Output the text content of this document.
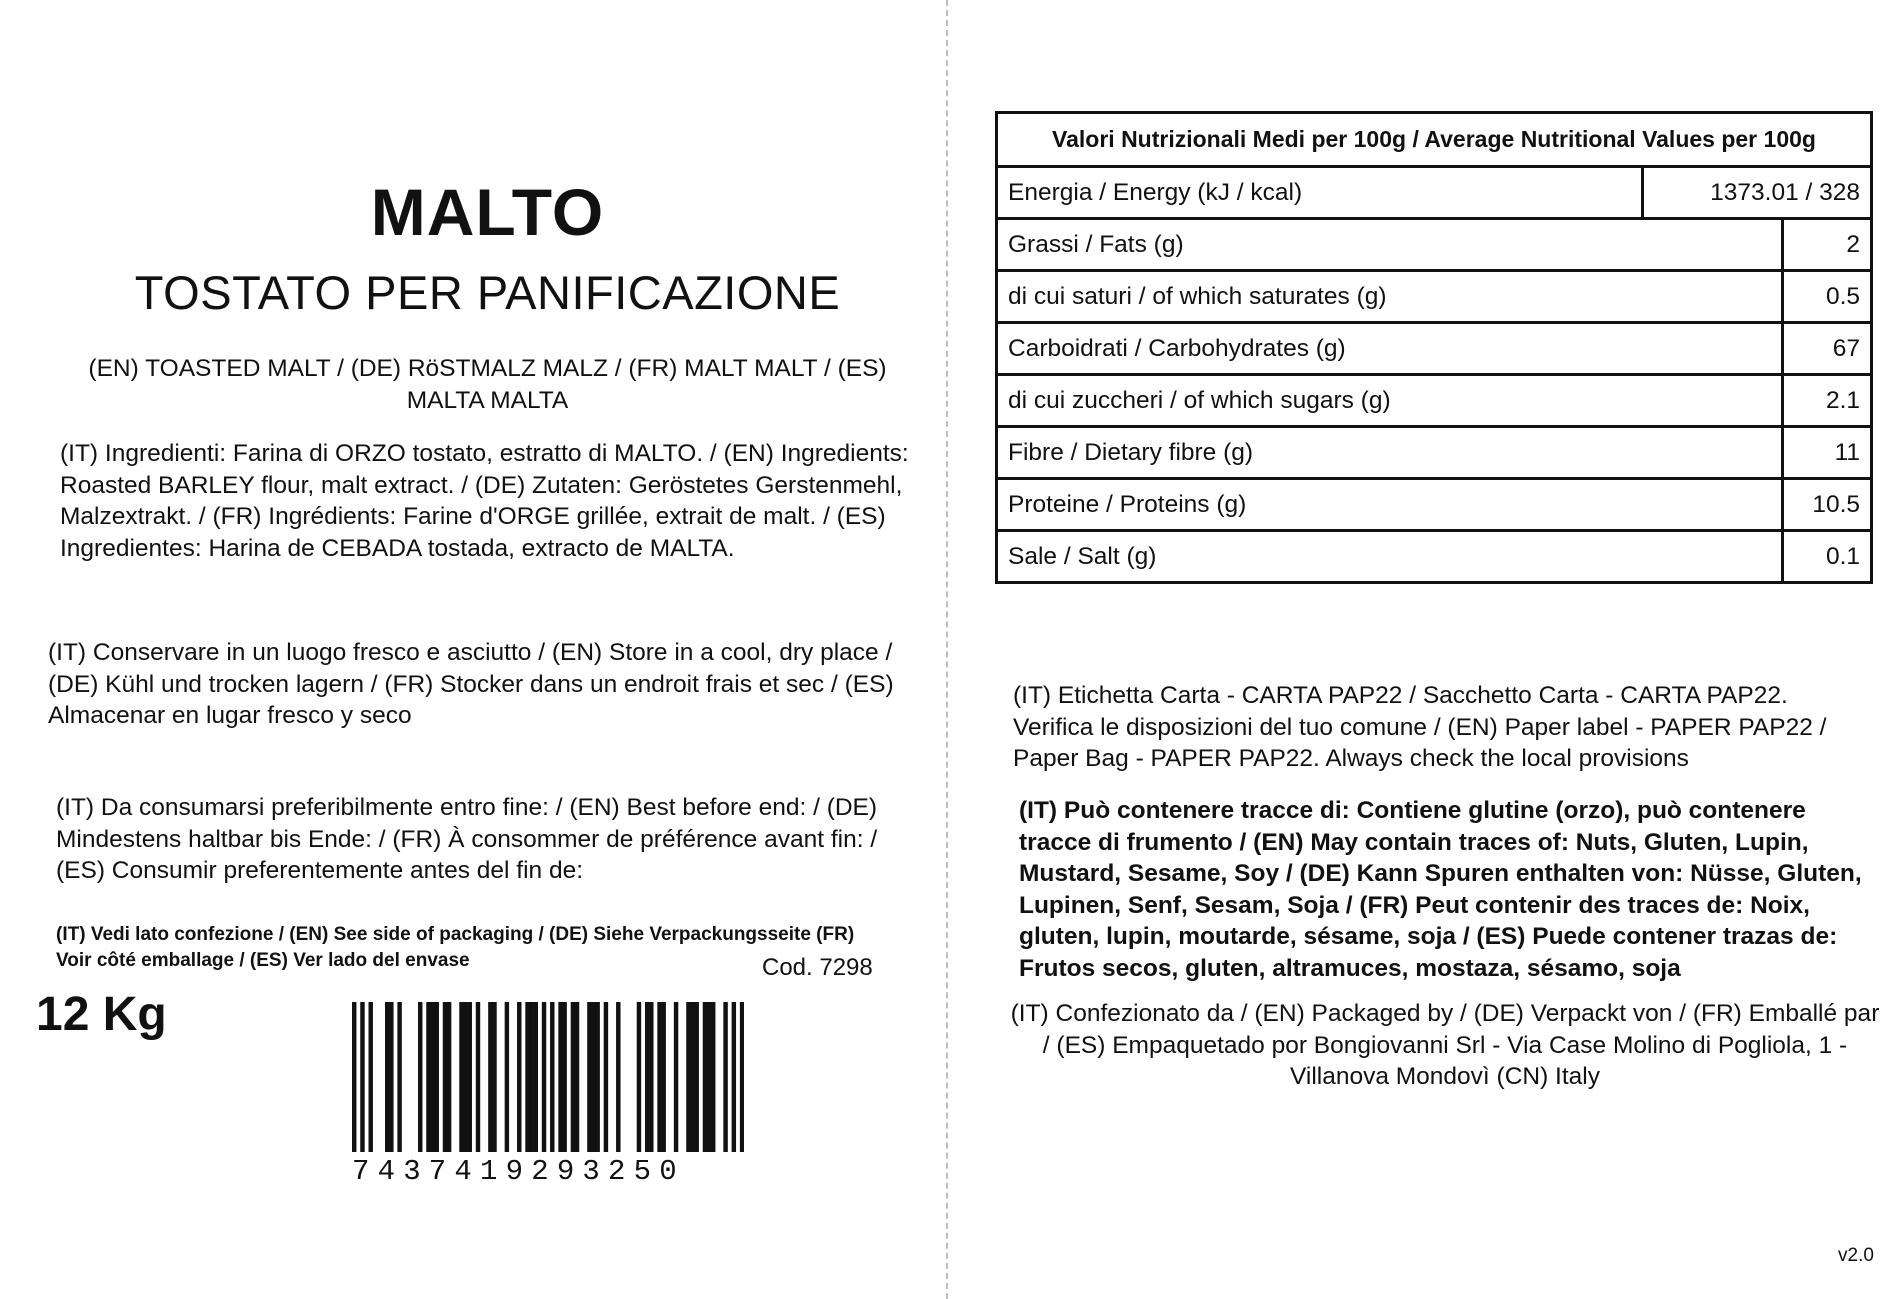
MALTO
TOSTATO PER PANIFICAZIONE
(EN) TOASTED MALT / (DE) RöSTMALZ MALZ / (FR) MALT MALT / (ES) MALTA MALTA
(IT) Ingredienti: Farina di ORZO tostato, estratto di MALTO. / (EN) Ingredients: Roasted BARLEY flour, malt extract. / (DE) Zutaten: Geröstetes Gerstenmehl, Malzextrakt. / (FR) Ingrédients: Farine d'ORGE grillée, extrait de malt. / (ES) Ingredientes: Harina de CEBADA tostada, extracto de MALTA.
(IT) Conservare in un luogo fresco e asciutto / (EN) Store in a cool, dry place / (DE) Kühl und trocken lagern / (FR) Stocker dans un endroit frais et sec / (ES) Almacenar en lugar fresco y seco
(IT) Da consumarsi preferibilmente entro fine: / (EN) Best before end: / (DE) Mindestens haltbar bis Ende: / (FR) À consommer de préférence avant fin: / (ES) Consumir preferentemente antes del fin de:
(IT) Vedi lato confezione / (EN) See side of packaging / (DE) Siehe Verpackungsseite (FR) Voir côté emballage / (ES) Ver lado del envase	Cod. 7298
12 Kg
7437419293250
Valori Nutrizionali Medi per 100g / Average Nutritional Values per 100g		
Energia / Energy (kJ / kcal)	1373.01 / 328	
Grassi / Fats (g)		2
di cui saturi / of which saturates (g)		0.5
Carboidrati / Carbohydrates (g)		67
di cui zuccheri / of which sugars (g)		2.1
Fibre / Dietary fibre (g)		11
Proteine / Proteins (g)		10.5
Sale / Salt (g)		0.1
(IT) Etichetta Carta - CARTA PAP22 / Sacchetto Carta - CARTA PAP22. Verifica le disposizioni del tuo comune / (EN) Paper label - PAPER PAP22 / Paper Bag - PAPER PAP22. Always check the local provisions
(IT) Può contenere tracce di: Contiene glutine (orzo), può contenere tracce di frumento / (EN) May contain traces of: Nuts, Gluten, Lupin, Mustard, Sesame, Soy / (DE) Kann Spuren enthalten von: Nüsse, Gluten, Lupinen, Senf, Sesam, Soja / (FR) Peut contenir des traces de: Noix, gluten, lupin, moutarde, sésame, soja / (ES) Puede contener trazas de: Frutos secos, gluten, altramuces, mostaza, sésamo, soja
(IT) Confezionato da / (EN) Packaged by / (DE) Verpackt von / (FR) Emballé par / (ES) Empaquetado por Bongiovanni Srl - Via Case Molino di Pogliola, 1 - Villanova Mondovì (CN) Italy
v2.0
